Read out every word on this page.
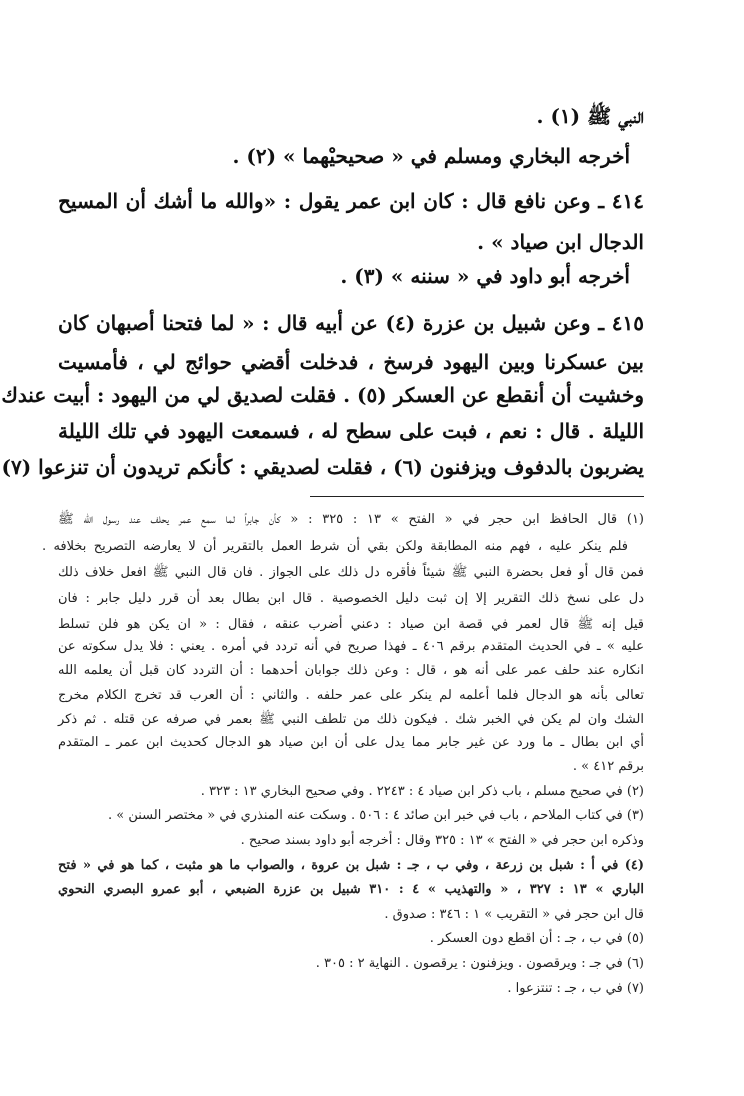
النبي ﷺ (١) .
أخرجه البخاري ومسلم في « صحيحيْهما » (٢) .
٤١٤ ـ وعن نافع قال : كان ابن عمر يقول : «والله ما أشك أن المسيح
الدجال ابن صياد » .
أخرجه أبو داود في « سننه » (٣) .
٤١٥ ـ وعن شبيل بن عزرة (٤) عن أبيه قال : « لما فتحنا أصبهان كان
بين عسكرنا وبين اليهود فرسخ ، فدخلت أقضي حوائج لي ، فأمسيت
وخشيت أن أنقطع عن العسكر (٥) . فقلت لصديق لي من اليهود : أبيت عندك
الليلة . قال : نعم ، فبت على سطح له ، فسمعت اليهود في تلك الليلة
يضربون بالدفوف ويزفنون (٦) ، فقلت لصديقي : كأنكم تريدون أن تنزعوا (٧)
(١) قال الحافظ ابن حجر في « الفتح » ١٣ : ٣٢٥ : « كأن جابراً لما سمع عمر يحلف عند رسول الله ﷺ
فلم ينكر عليه ، فهم منه المطابقة ولكن بقي أن شرط العمل بالتقرير أن لا يعارضه التصريح بخلافه .
فمن قال أو فعل بحضرة النبي ﷺ شيئاً فأقره دل ذلك على الجواز . فان قال النبي ﷺ افعل خلاف ذلك
دل على نسخ ذلك التقرير إلا إن ثبت دليل الخصوصية . قال ابن بطال بعد أن قرر دليل جابر : فان
قيل إنه ﷺ قال لعمر في قصة ابن صياد : دعني أضرب عنقه ، فقال : « ان يكن هو فلن تسلط
عليه » ـ في الحديث المتقدم برقم ٤٠٦ ـ فهذا صريح في أنه تردد في أمره . يعني : فلا يدل سكوته عن
انكاره عند حلف عمر على أنه هو ، قال : وعن ذلك جوابان أحدهما : أن التردد كان قبل أن يعلمه الله
تعالى بأنه هو الدجال فلما أعلمه لم ينكر على عمر حلفه . والثاني : أن العرب قد تخرج الكلام مخرج
الشك وان لم يكن في الخبر شك . فيكون ذلك من تلطف النبي ﷺ بعمر في صرفه عن قتله . ثم ذكر
أي ابن بطال ـ ما ورد عن غير جابر مما يدل على أن ابن صياد هو الدجال كحديث ابن عمر ـ المتقدم
برقم ٤١٢ » .
(٢) في صحيح مسلم ، باب ذكر ابن صياد ٤ : ٢٢٤٣ . وفي صحيح البخاري ١٣ : ٣٢٣ .
(٣) في كتاب الملاحم ، باب في خبر ابن صائد ٤ : ٥٠٦ . وسكت عنه المنذري في « مختصر السنن » .
وذكره ابن حجر في « الفتح » ١٣ : ٣٢٥ وقال : أخرجه أبو داود بسند صحيح .
(٤) في أ : شبل بن زرعة ، وفي ب ، جـ : شبل بن عروة ، والصواب ما هو مثبت ، كما هو في « فتح
الباري » ١٣ : ٣٢٧ ، « والتهذيب » ٤ : ٣١٠ شبيل بن عزرة الضبعي ، أبو عمرو البصري النحوي
قال ابن حجر في « التقريب » ١ : ٣٤٦ : صدوق .
(٥) في ب ، جـ : أن اقطع دون العسكر .
(٦) في جـ : ويرقصون . ويزفنون : يرقصون . النهاية ٢ : ٣٠٥ .
(٧) في ب ، جـ : تنتزعوا .
